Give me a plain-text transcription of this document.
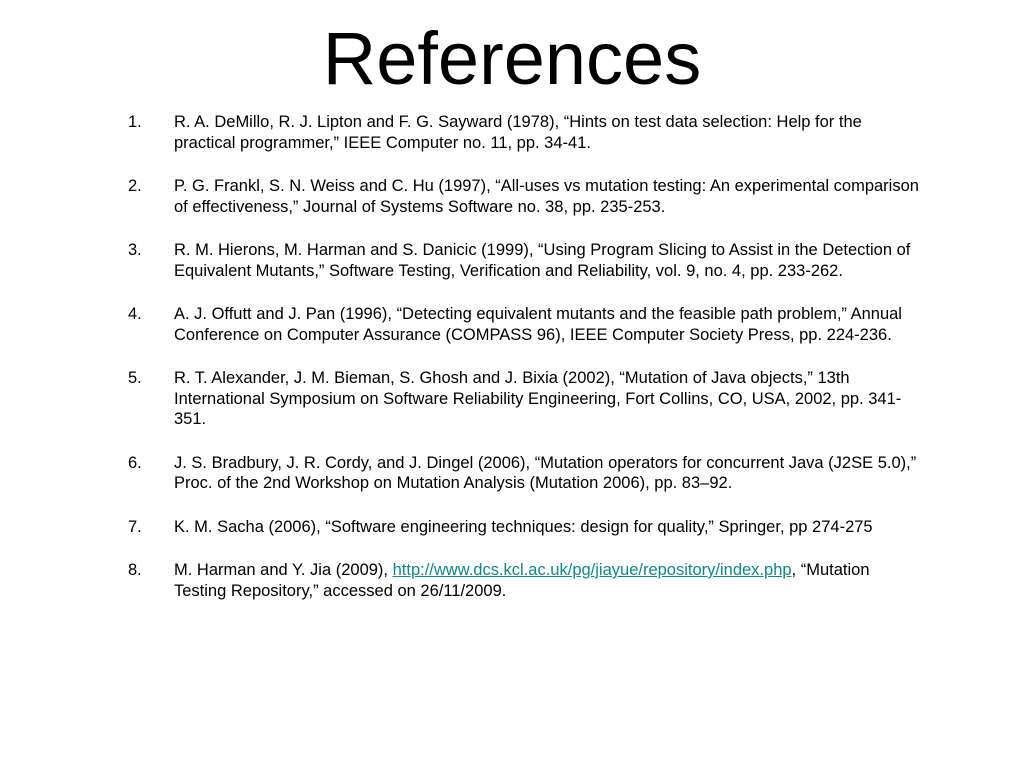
References
1. R. A. DeMillo, R. J. Lipton and F. G. Sayward (1978), “Hints on test data selection: Help for the practical programmer,” IEEE Computer no. 11, pp. 34-41.
2. P. G. Frankl, S. N. Weiss and C. Hu (1997), “All-uses vs mutation testing: An experimental comparison of effectiveness,” Journal of Systems Software no. 38, pp. 235-253.
3. R. M. Hierons, M. Harman and S. Danicic (1999), “Using Program Slicing to Assist in the Detection of Equivalent Mutants,” Software Testing, Verification and Reliability, vol. 9, no. 4, pp. 233-262.
4. A. J. Offutt and J. Pan (1996), “Detecting equivalent mutants and the feasible path problem,” Annual Conference on Computer Assurance (COMPASS 96), IEEE Computer Society Press, pp. 224-236.
5. R. T. Alexander, J. M. Bieman, S. Ghosh and J. Bixia (2002), “Mutation of Java objects,” 13th International Symposium on Software Reliability Engineering, Fort Collins, CO, USA, 2002, pp. 341-351.
6. J. S. Bradbury, J. R. Cordy, and J. Dingel (2006), “Mutation operators for concurrent Java (J2SE 5.0),” Proc. of the 2nd Workshop on Mutation Analysis (Mutation 2006), pp. 83–92.
7. K. M. Sacha (2006), “Software engineering techniques: design for quality,” Springer, pp 274-275
8. M. Harman and Y. Jia (2009), http://www.dcs.kcl.ac.uk/pg/jiayue/repository/index.php, “Mutation Testing Repository,” accessed on 26/11/2009.
